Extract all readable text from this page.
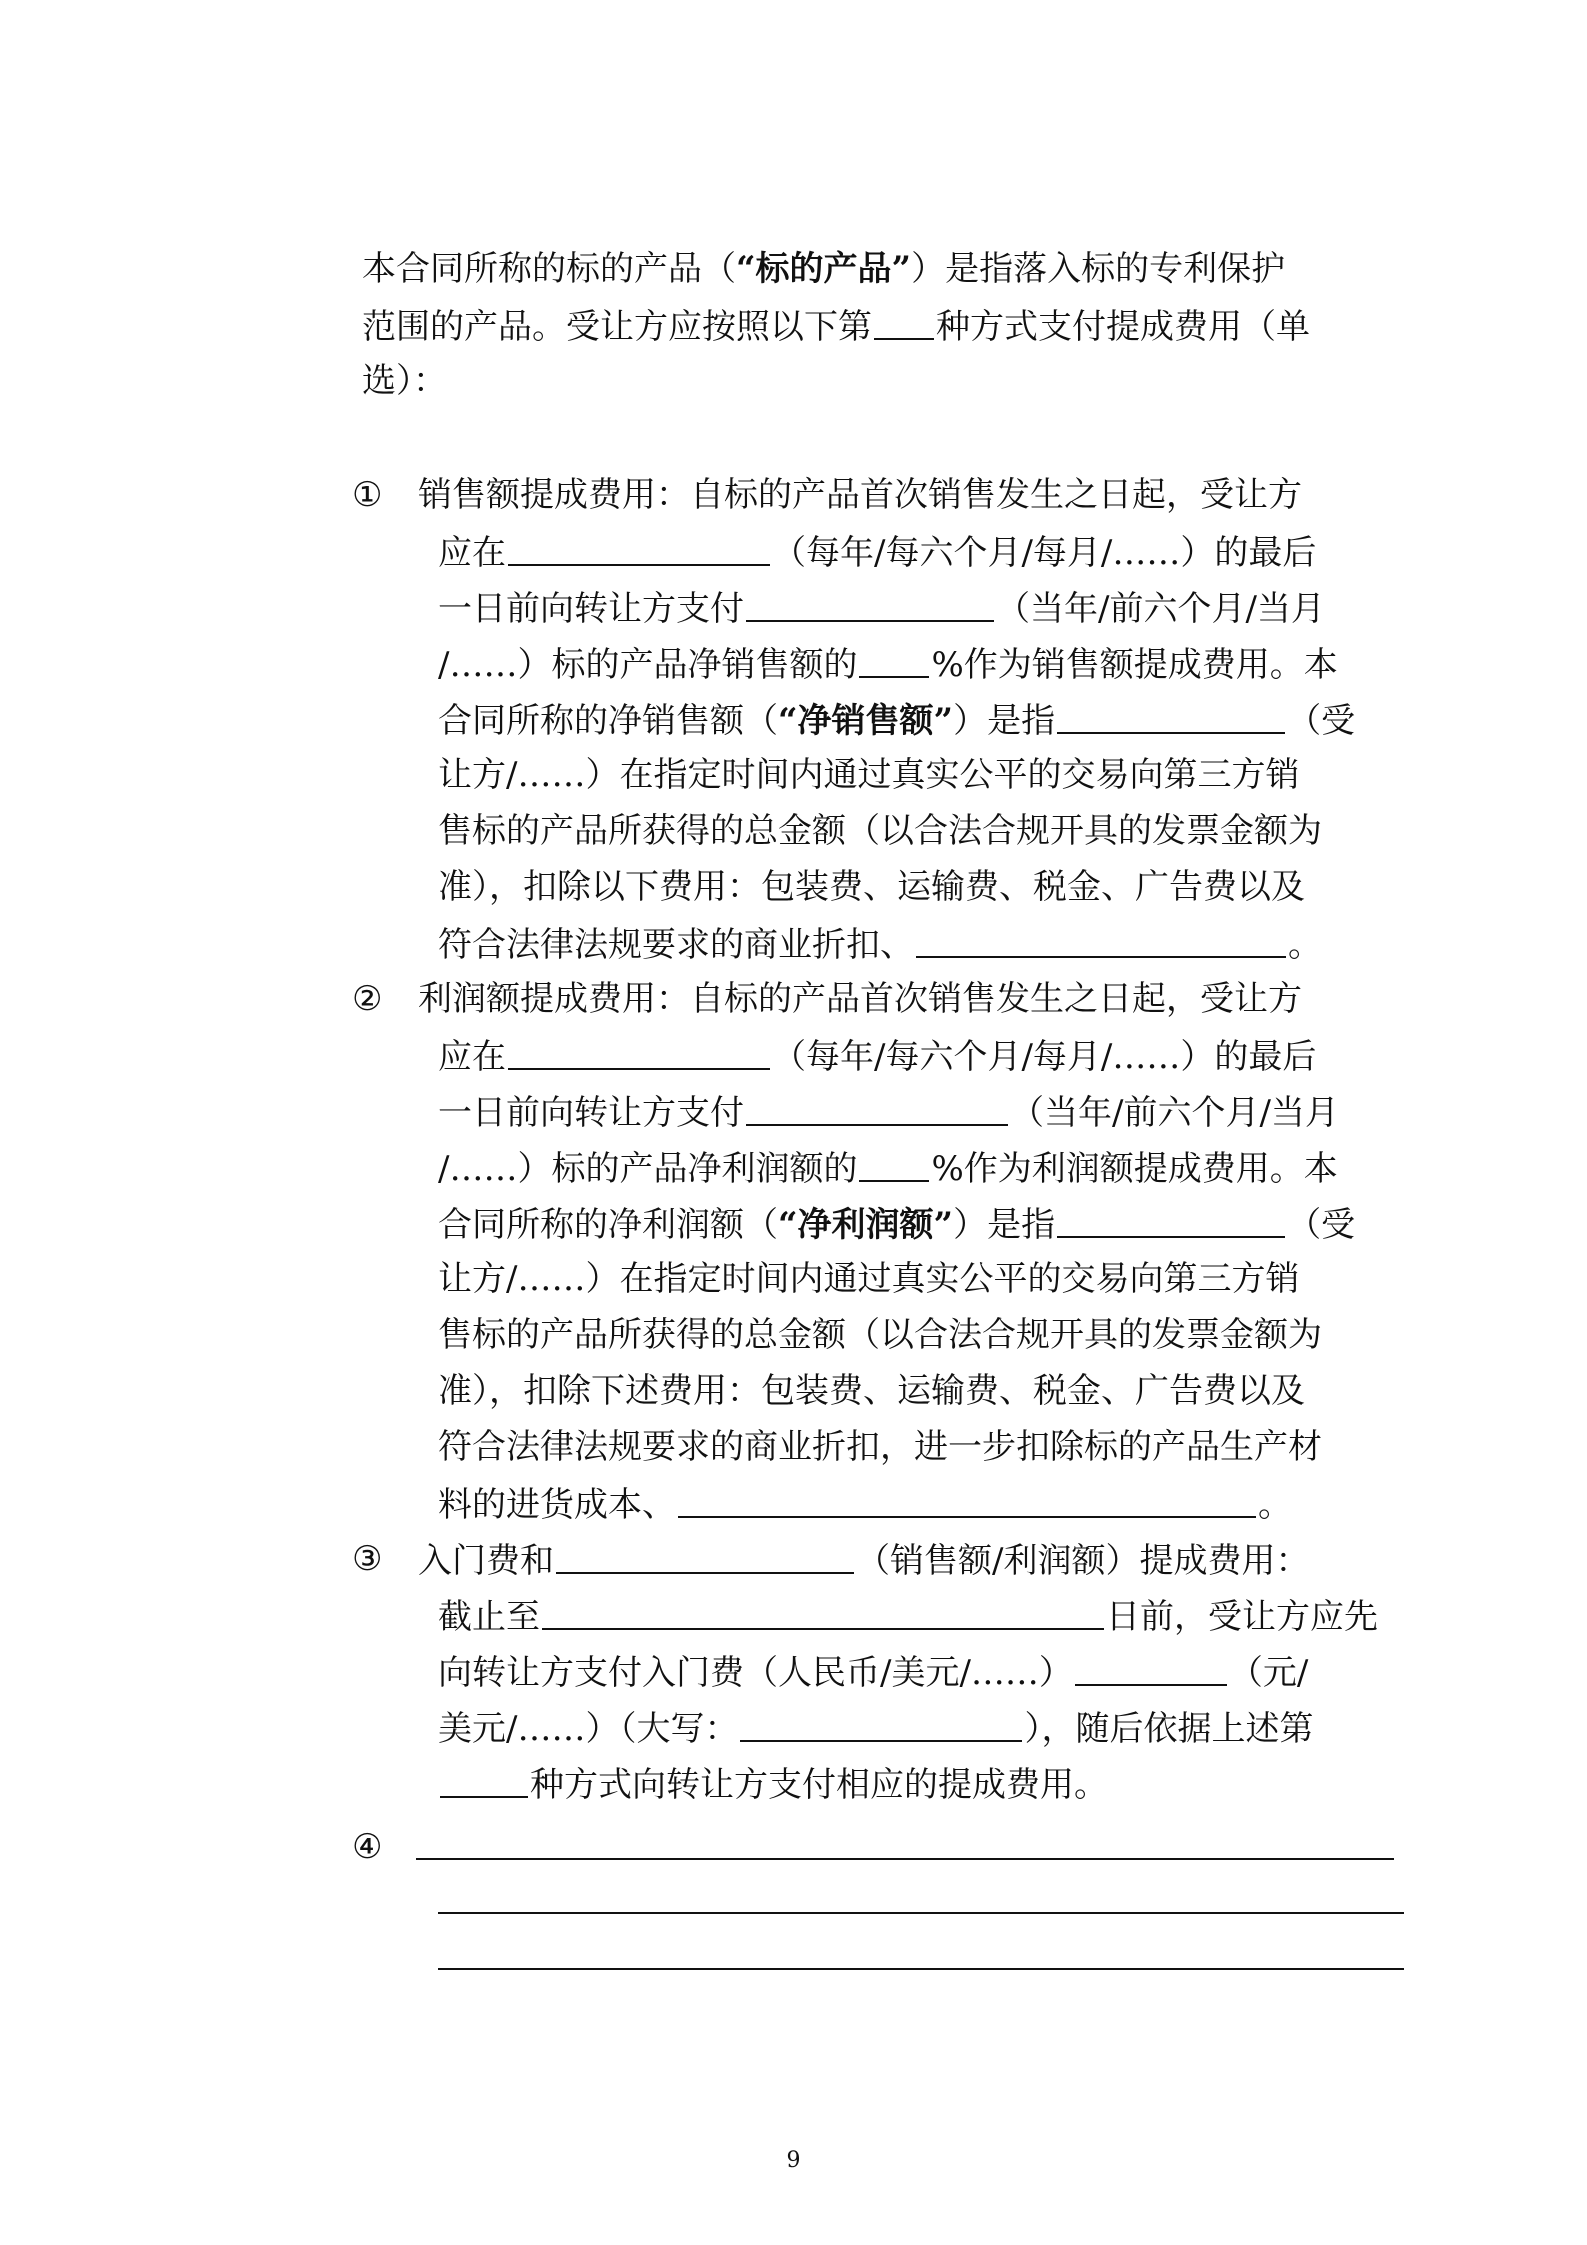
本合同所称的标的产品（“标的产品”）是指落入标的专利保护
范围的产品。受让方应按照以下第 种方式支付提成费用（单
选）：
① 销售额提成费用：自标的产品首次销售发生之日起，受让方
应在	（每年/每六个月/每月/……）的最后
一日前向转让方支付	（当年/前六个月/当月
/……）标的产品净销售额的 %作为销售额提成费用。本
合同所称的净销售额（“净销售额”）是指	（受
让方/……）在指定时间内通过真实公平的交易向第三方销
售标的产品所获得的总金额（以合法合规开具的发票金额为
准），扣除以下费用：包装费、运输费、税金、广告费以及
符合法律法规要求的商业折扣、	。
② 利润额提成费用：自标的产品首次销售发生之日起，受让方
应在	（每年/每六个月/每月/……）的最后
一日前向转让方支付	（当年/前六个月/当月
/……）标的产品净利润额的 %作为利润额提成费用。本
合同所称的净利润额（“净利润额”）是指	（受
让方/……）在指定时间内通过真实公平的交易向第三方销
售标的产品所获得的总金额（以合法合规开具的发票金额为
准），扣除下述费用：包装费、运输费、税金、广告费以及
符合法律法规要求的商业折扣，进一步扣除标的产品生产材
料的进货成本、	。
③ 入门费和	（销售额/利润额）提成费用：
截止至	日前，受让方应先
向转让方支付入门费（人民币/美元/……）	（元/
美元/……）（大写：	），随后依据上述第
种方式向转让方支付相应的提成费用。
④
9
